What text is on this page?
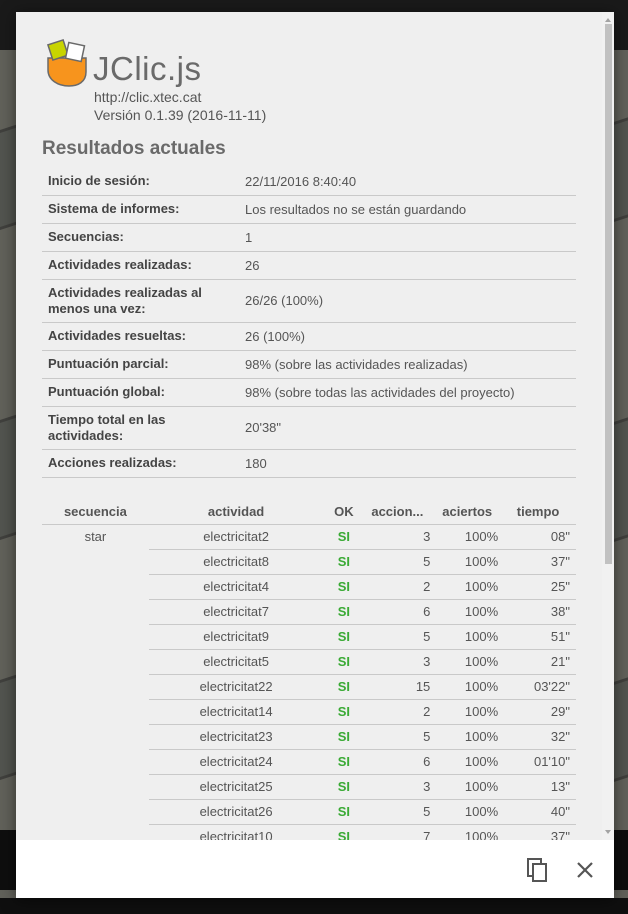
JClic.js
http://clic.xtec.cat
Versión 0.1.39 (2016-11-11)
Resultados actuales
Inicio de sesión:	22/11/2016 8:40:40
Sistema de informes:	Los resultados no se están guardando
Secuencias:	1
Actividades realizadas:	26
Actividades realizadas al menos una vez:	26/26 (100%)
Actividades resueltas:	26 (100%)
Puntuación parcial:	98% (sobre las actividades realizadas)
Puntuación global:	98% (sobre todas las actividades del proyecto)
Tiempo total en las actividades:	20'38"
Acciones realizadas:	180
secuencia	actividad	OK	accion...	aciertos	tiempo
star	electricitat2	SI	3	100%	08"
	electricitat8	SI	5	100%	37"
	electricitat4	SI	2	100%	25"
	electricitat7	SI	6	100%	38"
	electricitat9	SI	5	100%	51"
	electricitat5	SI	3	100%	21"
	electricitat22	SI	15	100%	03'22"
	electricitat14	SI	2	100%	29"
	electricitat23	SI	5	100%	32"
	electricitat24	SI	6	100%	01'10"
	electricitat25	SI	3	100%	13"
	electricitat26	SI	5	100%	40"
	electricitat10	SI	7	100%	37"
